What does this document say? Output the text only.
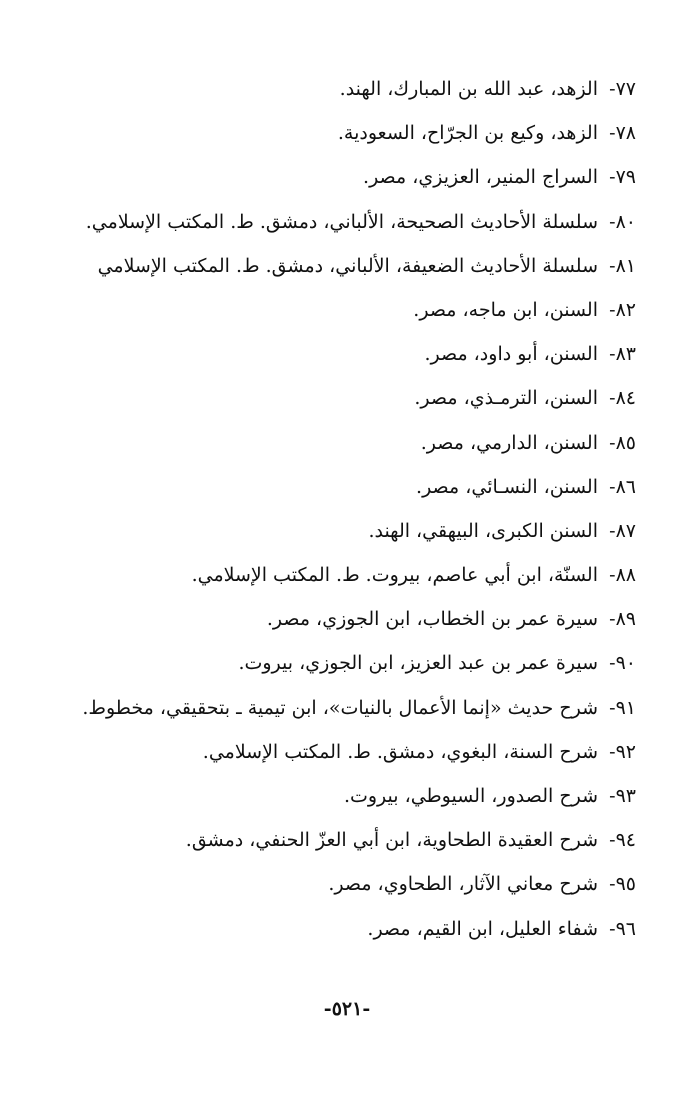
٧٧-الزهد، عبد الله بن المبارك، الهند.
٧٨-الزهد، وكيع بن الجرّاح، السعودية.
٧٩-السراج المنير، العزيزي، مصر.
٨٠-سلسلة الأحاديث الصحيحة، الألباني، دمشق. ط. المكتب الإسلامي.
٨١-سلسلة الأحاديث الضعيفة، الألباني، دمشق. ط. المكتب الإسلامي
٨٢-السنن، ابن ماجه، مصر.
٨٣-السنن، أبو داود، مصر.
٨٤-السنن، الترمـذي، مصر.
٨٥-السنن، الدارمي، مصر.
٨٦-السنن، النسـائي، مصر.
٨٧-السنن الكبرى، البيهقي، الهند.
٨٨-السنّة، ابن أبي عاصم، بيروت. ط. المكتب الإسلامي.
٨٩-سيرة عمر بن الخطاب، ابن الجوزي، مصر.
٩٠-سيرة عمر بن عبد العزيز، ابن الجوزي، بيروت.
٩١-شرح حديث «إنما الأعمال بالنيات»، ابن تيمية ـ بتحقيقي، مخطوط.
٩٢-شرح السنة، البغوي، دمشق. ط. المكتب الإسلامي.
٩٣-شرح الصدور، السيوطي، بيروت.
٩٤-شرح العقيدة الطحاوية، ابن أبي العزّ الحنفي، دمشق.
٩٥-شرح معاني الآثار، الطحاوي، مصر.
٩٦-شفاء العليل، ابن القيم، مصر.
-٥٢١-
